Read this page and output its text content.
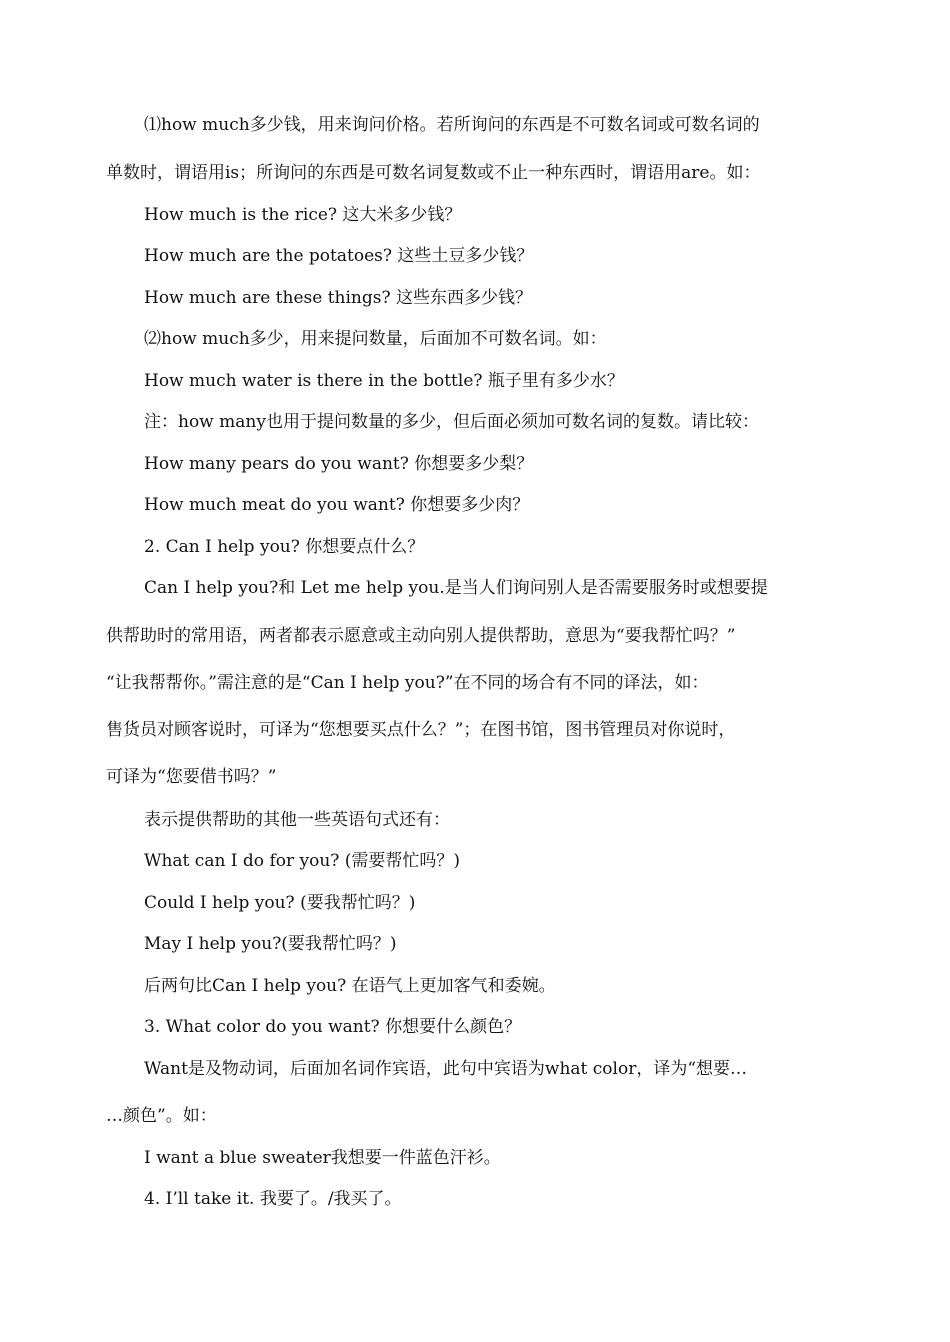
⑴how much多少钱，用来询问价格。若所询问的东西是不可数名词或可数名词的
单数时，谓语用is；所询问的东西是可数名词复数或不止一种东西时，谓语用are。如：
How much is the rice? 这大米多少钱？
How much are the potatoes? 这些土豆多少钱？
How much are these things? 这些东西多少钱？
⑵how much多少，用来提问数量，后面加不可数名词。如：
How much water is there in the bottle? 瓶子里有多少水？
注：how many也用于提问数量的多少，但后面必须加可数名词的复数。请比较：
How many pears do you want? 你想要多少梨？
How much meat do you want? 你想要多少肉？
2. Can I help you? 你想要点什么？
Can I help you?和 Let me help you.是当人们询问别人是否需要服务时或想要提
供帮助时的常用语，两者都表示愿意或主动向别人提供帮助，意思为“要我帮忙吗？”
“让我帮帮你。”需注意的是“Can I help you?”在不同的场合有不同的译法，如：
售货员对顾客说时，可译为“您想要买点什么？”；在图书馆，图书管理员对你说时，
可译为“您要借书吗？”
表示提供帮助的其他一些英语句式还有：
What can I do for you? (需要帮忙吗？)
Could I help you? (要我帮忙吗？)
May I help you?(要我帮忙吗？)
后两句比Can I help you? 在语气上更加客气和委婉。
3. What color do you want? 你想要什么颜色？
Want是及物动词，后面加名词作宾语，此句中宾语为what color，译为“想要…
…颜色”。如：
I want a blue sweater我想要一件蓝色汗衫。
4. I’ll take it. 我要了。/我买了。
